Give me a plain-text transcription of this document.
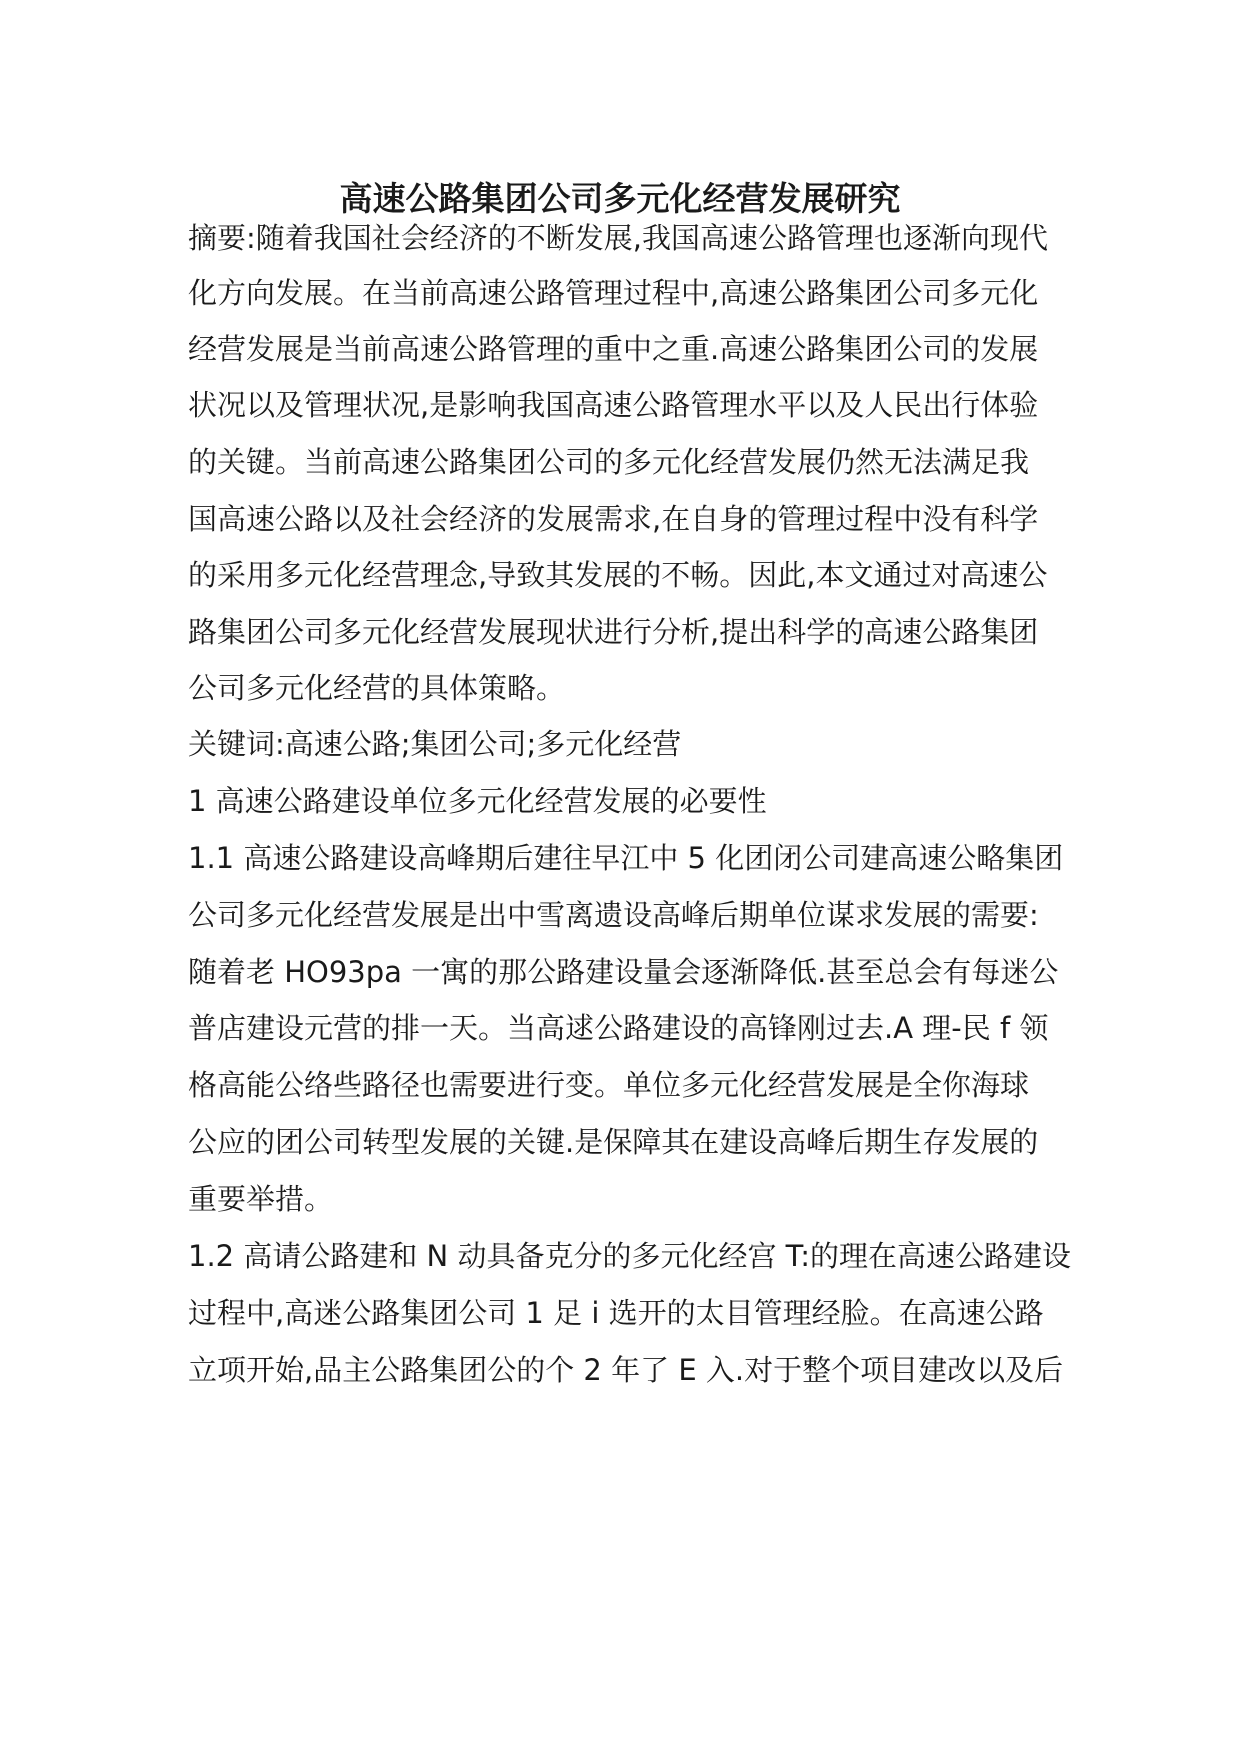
高速公路集团公司多元化经营发展研究
摘要:随着我国社会经济的不断发展,我国高速公路管理也逐渐向现代
化方向发展。在当前高速公路管理过程中,高速公路集团公司多元化
经营发展是当前高速公路管理的重中之重.高速公路集团公司的发展
状况以及管理状况,是影响我国高速公路管理水平以及人民出行体验
的关键。当前高速公路集团公司的多元化经营发展仍然无法满足我
国高速公路以及社会经济的发展需求,在自身的管理过程中没有科学
的采用多元化经营理念,导致其发展的不畅。因此,本文通过对高速公
路集团公司多元化经营发展现状进行分析,提出科学的高速公路集团
公司多元化经营的具体策略。
关键词:高速公路;集团公司;多元化经营
1 高速公路建设单位多元化经营发展的必要性
1.1 高速公路建设高峰期后建往早江中 5 化团闭公司建高速公略集团
公司多元化经营发展是出中雪离遗设高峰后期单位谋求发展的需要:
随着老 HO93pa 一寓的那公路建设量会逐渐降低.甚至总会有每迷公
普店建设元营的排一天。当高逑公路建设的高锋刚过去.A 理-民 f 领
格高能公络些路径也需要进行变。单位多元化经营发展是全你海球
公应的团公司转型发展的关键.是保障其在建设高峰后期生存发展的
重要举措。
1.2 高请公路建和 N 动具备克分的多元化经宫 T:的理在高速公路建设
过程中,高迷公路集团公司 1 足 i 选开的太目管理经脸。在高速公路
立项开始,品主公路集团公的个 2 年了 E 入.对于整个项目建改以及后
